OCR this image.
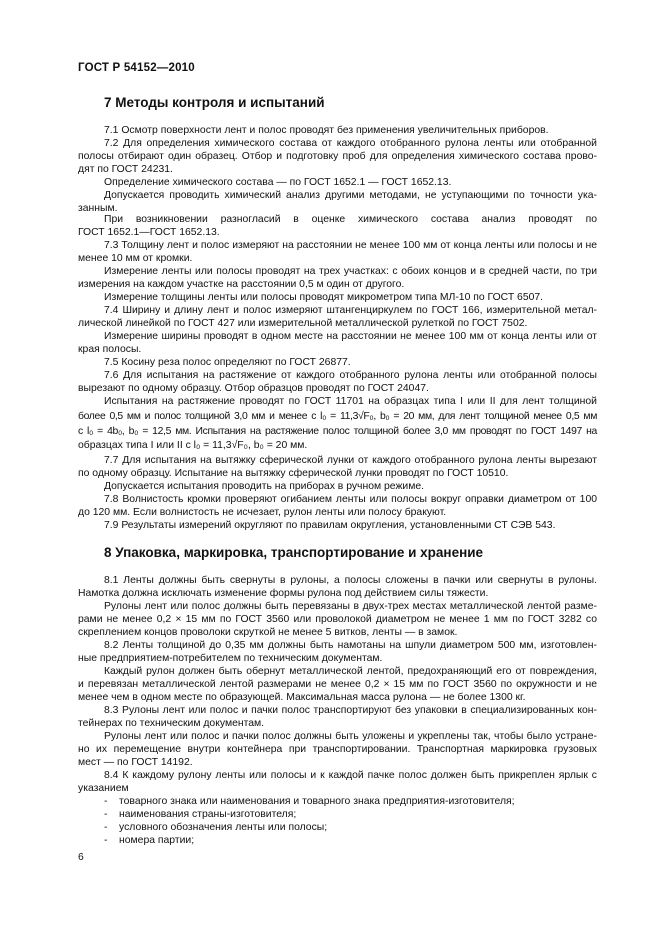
ГОСТ Р 54152—2010
7 Методы контроля и испытаний
7.1 Осмотр поверхности лент и полос проводят без применения увеличительных приборов.
7.2 Для определения химического состава от каждого отобранного рулона ленты или отобранной
полосы отбирают один образец. Отбор и подготовку проб для определения химического состава прово-
дят по ГОСТ 24231.
Определение химического состава — по ГОСТ 1652.1 — ГОСТ 1652.13.
Допускается проводить химический анализ другими методами, не уступающими по точности ука-
занным.
При возникновении разногласий в оценке химического состава анализ проводят по
ГОСТ 1652.1—ГОСТ 1652.13.
7.3 Толщину лент и полос измеряют на расстоянии не менее 100 мм от конца ленты или полосы и не
менее 10 мм от кромки.
Измерение ленты или полосы проводят на трех участках: с обоих концов и в средней части, по три
измерения на каждом участке на расстоянии 0,5 м один от другого.
Измерение толщины ленты или полосы проводят микрометром типа МЛ-10 по ГОСТ 6507.
7.4 Ширину и длину лент и полос измеряют штангенциркулем по ГОСТ 166, измерительной метал-
лической линейкой по ГОСТ 427 или измерительной металлической рулеткой по ГОСТ 7502.
Измерение ширины проводят в одном месте на расстоянии не менее 100 мм от конца ленты или от
края полосы.
7.5 Косину реза полос определяют по ГОСТ 26877.
7.6 Для испытания на растяжение от каждого отобранного рулона ленты или отобранной полосы
вырезают по одному образцу. Отбор образцов проводят по ГОСТ 24047.
Испытания на растяжение проводят по ГОСТ 11701 на образцах типа I или II для лент толщиной
более 0,5 мм и полос толщиной 3,0 мм и менее с l₀ = 11,3√F₀, b₀ = 20 мм, для лент толщиной менее 0,5 мм
с l₀ = 4b₀, b₀ = 12,5 мм. Испытания на растяжение полос толщиной более 3,0 мм проводят по ГОСТ 1497 на
образцах типа I или II с l₀ = 11,3√F₀, b₀ = 20 мм.
7.7 Для испытания на вытяжку сферической лунки от каждого отобранного рулона ленты вырезают
по одному образцу. Испытание на вытяжку сферической лунки проводят по ГОСТ 10510.
Допускается испытания проводить на приборах в ручном режиме.
7.8 Волнистость кромки проверяют огибанием ленты или полосы вокруг оправки диаметром от 100
до 120 мм. Если волнистость не исчезает, рулон ленты или полосу бракуют.
7.9 Результаты измерений округляют по правилам округления, установленными СТ СЭВ 543.
8 Упаковка, маркировка, транспортирование и хранение
8.1 Ленты должны быть свернуты в рулоны, а полосы сложены в пачки или свернуты в рулоны.
Намотка должна исключать изменение формы рулона под действием силы тяжести.
Рулоны лент или полос должны быть перевязаны в двух-трех местах металлической лентой разме-
рами не менее 0,2 × 15 мм по ГОСТ 3560 или проволокой диаметром не менее 1 мм по ГОСТ 3282 со
скреплением концов проволоки скруткой не менее 5 витков, ленты — в замок.
8.2 Ленты толщиной до 0,35 мм должны быть намотаны на шпули диаметром 500 мм, изготовлен-
ные предприятием-потребителем по техническим документам.
Каждый рулон должен быть обернут металлической лентой, предохраняющий его от повреждения,
и перевязан металлической лентой размерами не менее 0,2 × 15 мм по ГОСТ 3560 по окружности и не
менее чем в одном месте по образующей. Максимальная масса рулона — не более 1300 кг.
8.3 Рулоны лент или полос и пачки полос транспортируют без упаковки в специализированных кон-
тейнерах по техническим документам.
Рулоны лент или полос и пачки полос должны быть уложены и укреплены так, чтобы было устране-
но их перемещение внутри контейнера при транспортировании. Транспортная маркировка грузовых
мест — по ГОСТ 14192.
8.4 К каждому рулону ленты или полосы и к каждой пачке полос должен быть прикреплен ярлык с
указанием
- товарного знака или наименования и товарного знака предприятия-изготовителя;
- наименования страны-изготовителя;
- условного обозначения ленты или полосы;
- номера партии;
6
